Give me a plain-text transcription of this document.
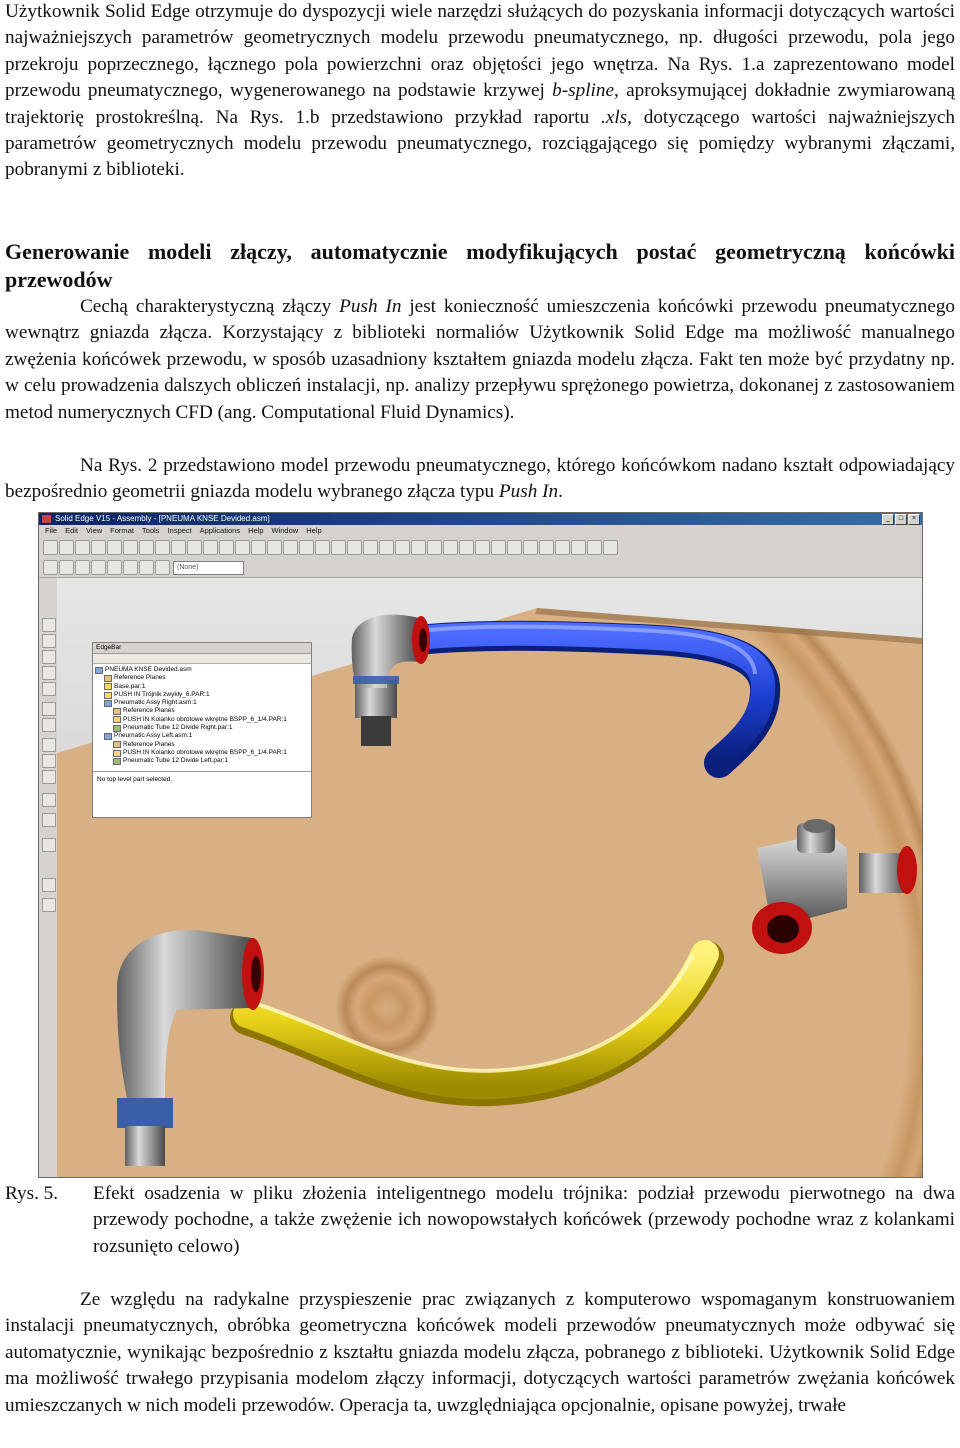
Użytkownik Solid Edge otrzymuje do dyspozycji wiele narzędzi służących do pozyskania informacji dotyczących wartości najważniejszych parametrów geometrycznych modelu przewodu pneumatycznego, np. długości przewodu, pola jego przekroju poprzecznego, łącznego pola powierzchni oraz objętości jego wnętrza. Na Rys. 1.a zaprezentowano model przewodu pneumatycznego, wygenerowanego na podstawie krzywej b-spline, aproksymującej dokładnie zwymiarowaną trajektorię prostokreślną. Na Rys. 1.b przedstawiono przykład raportu .xls, dotyczącego wartości najważniejszych parametrów geometrycznych modelu przewodu pneumatycznego, rozciągającego się pomiędzy wybranymi złączami, pobranymi z biblioteki.

Generowanie modeli złączy, automatycznie modyfikujących postać geometryczną końcówki przewodów

Cechą charakterystyczną złączy Push In jest konieczność umieszczenia końcówki przewodu pneumatycznego wewnątrz gniazda złącza. Korzystający z biblioteki normaliów Użytkownik Solid Edge ma możliwość manualnego zwężenia końcówek przewodu, w sposób uzasadniony kształtem gniazda modelu złącza. Fakt ten może być przydatny np. w celu prowadzenia dalszych obliczeń instalacji, np. analizy przepływu sprężonego powietrza, dokonanej z zastosowaniem metod numerycznych CFD (ang. Computational Fluid Dynamics).

Na Rys. 2 przedstawiono model przewodu pneumatycznego, którego końcówkom nadano kształt odpowiadający bezpośrednio geometrii gniazda modelu wybranego złącza typu Push In.

Solid Edge V15 - Assembly - [PNEUMA KNSE Devided.asm]	_	□	×
File Edit View Format Tools Inspect Applications Help Window Help
(None)
EdgeBar
PNEUMA KNSE Devided.asm
Reference Planes
Base.par:1
PUSH IN Trójnik zwykły_6.PAR:1
Pneumatic Assy Right.asm:1
Reference Planes
PUSH IN Kolanko obrotowe wkrętne BSPP_6_1/4.PAR:1
Pneumatic Tube 12 Divide Right.par:1
Pneumatic Assy Left.asm:1
Reference Planes
PUSH IN Kolanko obrotowe wkrętne BSPP_6_1/4.PAR:1
Pneumatic Tube 12 Divide Left.par:1
No top level part selected.
Rys. 5. Efekt osadzenia w pliku złożenia inteligentnego modelu trójnika: podział przewodu pierwotnego na dwa przewody pochodne, a także zwężenie ich nowopowstałych końcówek (przewody pochodne wraz z kolankami rozsunięto celowo)

Ze względu na radykalne przyspieszenie prac związanych z komputerowo wspomaganym konstruowaniem instalacji pneumatycznych, obróbka geometryczna końcówek modeli przewodów pneumatycznych może odbywać się automatycznie, wynikając bezpośrednio z kształtu gniazda modelu złącza, pobranego z biblioteki. Użytkownik Solid Edge ma możliwość trwałego przypisania modelom złączy informacji, dotyczących wartości parametrów zwężania końcówek umieszczanych w nich modeli przewodów. Operacja ta, uwzględniająca opcjonalnie, opisane powyżej, trwałe
